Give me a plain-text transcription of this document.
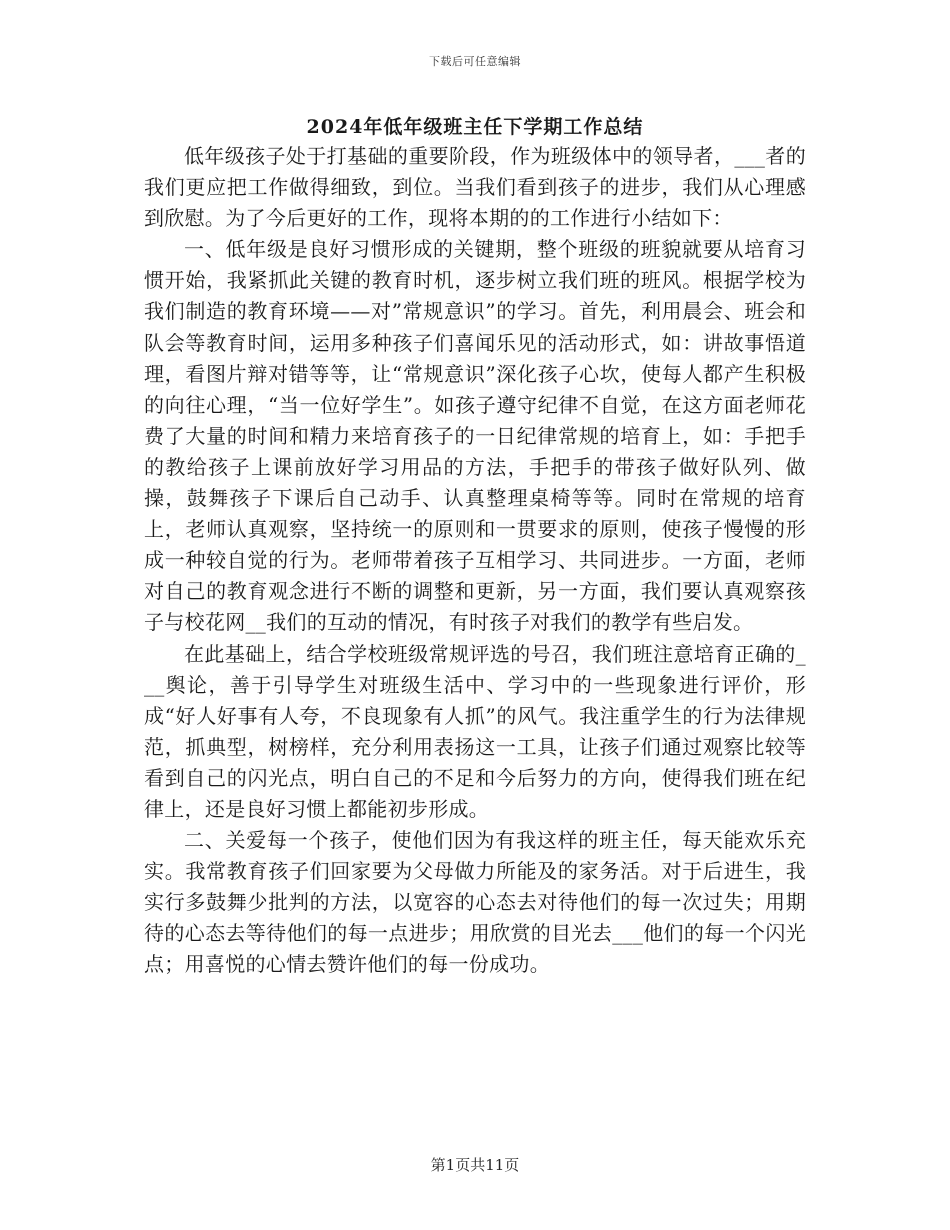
下载后可任意编辑
2024年低年级班主任下学期工作总结

低年级孩子处于打基础的重要阶段，作为班级体中的领导者，___者的我们更应把工作做得细致，到位。当我们看到孩子的进步，我们从心理感到欣慰。为了今后更好的工作，现将本期的的工作进行小结如下：

一、低年级是良好习惯形成的关键期，整个班级的班貌就要从培育习惯开始，我紧抓此关键的教育时机，逐步树立我们班的班风。根据学校为我们制造的教育环境——对”常规意识”的学习。首先，利用晨会、班会和队会等教育时间，运用多种孩子们喜闻乐见的活动形式，如：讲故事悟道理，看图片辩对错等等，让“常规意识”深化孩子心坎，使每人都产生积极的向往心理，“当一位好学生”。如孩子遵守纪律不自觉，在这方面老师花费了大量的时间和精力来培育孩子的一日纪律常规的培育上，如：手把手的教给孩子上课前放好学习用品的方法，手把手的带孩子做好队列、做操，鼓舞孩子下课后自己动手、认真整理桌椅等等。同时在常规的培育上，老师认真观察，坚持统一的原则和一贯要求的原则，使孩子慢慢的形成一种较自觉的行为。老师带着孩子互相学习、共同进步。一方面，老师对自己的教育观念进行不断的调整和更新，另一方面，我们要认真观察孩子与校花网__我们的互动的情况，有时孩子对我们的教学有些启发。

在此基础上，结合学校班级常规评选的号召，我们班注意培育正确的___舆论，善于引导学生对班级生活中、学习中的一些现象进行评价，形成“好人好事有人夸，不良现象有人抓”的风气。我注重学生的行为法律规范，抓典型，树榜样，充分利用表扬这一工具，让孩子们通过观察比较等看到自己的闪光点，明白自己的不足和今后努力的方向，使得我们班在纪律上，还是良好习惯上都能初步形成。

二、关爱每一个孩子，使他们因为有我这样的班主任，每天能欢乐充实。我常教育孩子们回家要为父母做力所能及的家务活。对于后进生，我实行多鼓舞少批判的方法，以宽容的心态去对待他们的每一次过失；用期待的心态去等待他们的每一点进步；用欣赏的目光去___他们的每一个闪光点；用喜悦的心情去赞许他们的每一份成功。

第1页共11页
